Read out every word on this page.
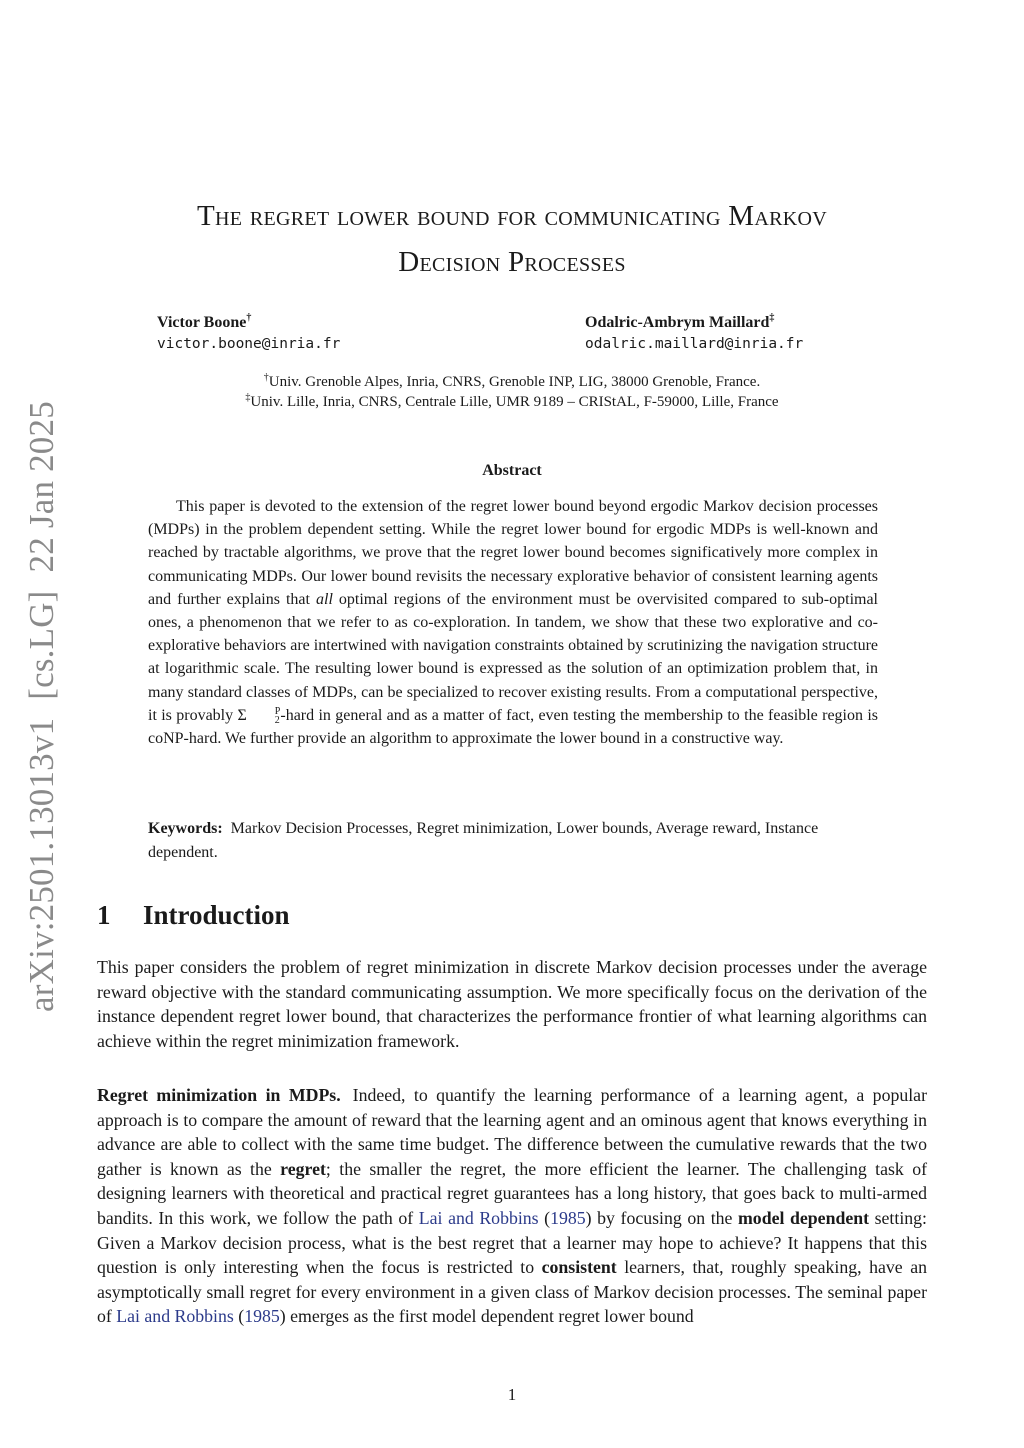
arXiv:2501.13013v1[cs.LG]22 Jan 2025
The regret lower bound for communicating Markov
Decision Processes
Victor Boone†
victor.boone@inria.fr
Odalric-Ambrym Maillard‡
odalric.maillard@inria.fr
†Univ. Grenoble Alpes, Inria, CNRS, Grenoble INP, LIG, 38000 Grenoble, France.
‡Univ. Lille, Inria, CNRS, Centrale Lille, UMR 9189 – CRIStAL, F-59000, Lille, France
Abstract

This paper is devoted to the extension of the regret lower bound beyond ergodic Markov decision processes (MDPs) in the problem dependent setting. While the regret lower bound for ergodic MDPs is well-known and reached by tractable algorithms, we prove that the regret lower bound becomes significatively more complex in communicating MDPs. Our lower bound revisits the necessary explorative behavior of consistent learning agents and further explains that all optimal regions of the environment must be overvisited compared to sub-optimal ones, a phenomenon that we refer to as co-exploration. In tandem, we show that these two explorative and co-explorative behaviors are intertwined with navigation constraints obtained by scrutinizing the navigation structure at logarithmic scale. The resulting lower bound is expressed as the solution of an optimization problem that, in many standard classes of MDPs, can be specialized to recover existing results. From a computational perspective, it is provably Σ	P
2 -hard in general and as a matter of fact, even testing the membership to the feasible region is coNP-hard. We further provide an algorithm to approximate the lower bound in a constructive way.

Keywords: Markov Decision Processes, Regret minimization, Lower bounds, Average reward, Instance dependent.

1 Introduction

This paper considers the problem of regret minimization in discrete Markov decision processes under the average reward objective with the standard communicating assumption. We more specifically focus on the derivation of the instance dependent regret lower bound, that characterizes the performance frontier of what learning algorithms can achieve within the regret minimization framework.

Regret minimization in MDPs. Indeed, to quantify the learning performance of a learning agent, a popular approach is to compare the amount of reward that the learning agent and an ominous agent that knows everything in advance are able to collect with the same time budget. The difference between the cumulative rewards that the two gather is known as the regret; the smaller the regret, the more efficient the learner. The challenging task of designing learners with theoretical and practical regret guarantees has a long history, that goes back to multi-armed bandits. In this work, we follow the path of Lai and Robbins (1985) by focusing on the model dependent setting: Given a Markov decision process, what is the best regret that a learner may hope to achieve? It happens that this question is only interesting when the focus is restricted to consistent learners, that, roughly speaking, have an asymptotically small regret for every environment in a given class of Markov decision processes. The seminal paper of Lai and Robbins (1985) emerges as the first model dependent regret lower bound

1
